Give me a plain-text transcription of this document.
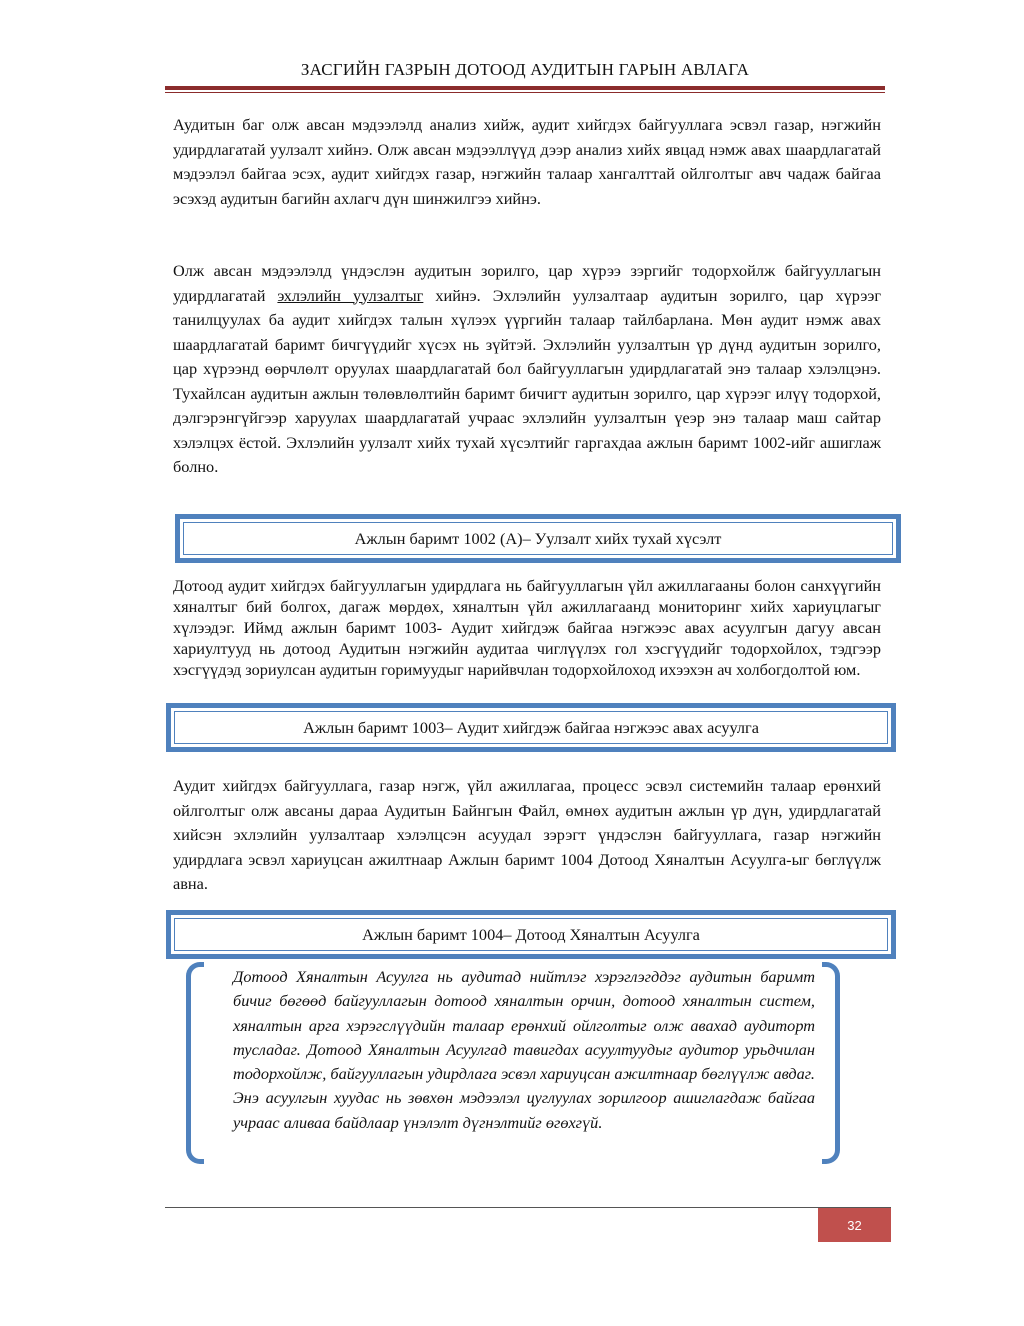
ЗАСГИЙН ГАЗРЫН ДОТООД АУДИТЫН ГАРЫН АВЛАГА

Аудитын баг олж авсан мэдээлэлд анализ хийж, аудит хийгдэх байгууллага эсвэл газар, нэгжийн удирдлагатай уулзалт хийнэ. Олж авсан мэдээллүүд дээр анализ хийх явцад нэмж авах шаардлагатай мэдээлэл байгаа эсэх, аудит хийгдэх газар, нэгжийн талаар хангалттай ойлголтыг авч чадаж байгаа эсэхэд аудитын багийн ахлагч дүн шинжилгээ хийнэ.

Олж авсан мэдээлэлд үндэслэн аудитын зорилго, цар хүрээ зэргийг тодорхойлж байгууллагын удирдлагатай эхлэлийн уулзалтыг хийнэ. Эхлэлийн уулзалтаар аудитын зорилго, цар хүрээг танилцуулах ба аудит хийгдэх талын хүлээх үүргийн талаар тайлбарлана. Мөн аудит нэмж авах шаардлагатай баримт бичгүүдийг хүсэх нь зүйтэй. Эхлэлийн уулзалтын үр дүнд аудитын зорилго, цар хүрээнд өөрчлөлт оруулах шаардлагатай бол байгууллагын удирдлагатай энэ талаар хэлэлцэнэ. Тухайлсан аудитын ажлын төлөвлөлтийн баримт бичигт аудитын зорилго, цар хүрээг илүү тодорхой, дэлгэрэнгүйгээр харуулах шаардлагатай учраас эхлэлийн уулзалтын үеэр энэ талаар маш сайтар хэлэлцэх ёстой. Эхлэлийн уулзалт хийх тухай хүсэлтийг гаргахдаа ажлын баримт 1002-ийг ашиглаж болно.

Ажлын баримт 1002 (А)– Уулзалт хийх тухай хүсэлт

Дотоод аудит хийгдэх байгууллагын удирдлага нь байгууллагын үйл ажиллагааны болон санхүүгийн хяналтыг бий болгох, дагаж мөрдөх, хяналтын үйл ажиллагаанд мониторинг хийх хариуцлагыг хүлээдэг. Иймд ажлын баримт 1003- Аудит хийгдэж байгаа нэгжээс авах асуулгын дагуу авсан хариултууд нь дотоод Аудитын нэгжийн аудитаа чиглүүлэх гол хэсгүүдийг тодорхойлох, тэдгээр хэсгүүдэд зориулсан аудитын горимуудыг нарийвчлан тодорхойлоход ихээхэн ач холбогдолтой юм.

Ажлын баримт 1003– Аудит хийгдэж байгаа нэгжээс авах асуулга

Аудит хийгдэх байгууллага, газар нэгж, үйл ажиллагаа, процесс эсвэл системийн талаар ерөнхий ойлголтыг олж авсаны дараа Аудитын Байнгын Файл, өмнөх аудитын ажлын үр дүн, удирдлагатай хийсэн эхлэлийн уулзалтаар хэлэлцсэн асуудал зэрэгт үндэслэн байгууллага, газар нэгжийн удирдлага эсвэл хариуцсан ажилтнаар Ажлын баримт 1004 Дотоод Хяналтын Асуулга-ыг бөглүүлж авна.

Ажлын баримт 1004– Дотоод Хяналтын Асуулга

Дотоод Хяналтын Асуулга нь аудитад нийтлэг хэрэглэгддэг аудитын баримт бичиг бөгөөд байгууллагын дотоод хяналтын орчин, дотоод хяналтын систем, хяналтын арга хэрэгслүүдийн талаар ерөнхий ойлголтыг олж авахад аудиторт тусладаг. Дотоод Хяналтын Асуулгад тавигдах асуултуудыг аудитор урьдчилан тодорхойлж, байгууллагын удирдлага эсвэл хариуцсан ажилтнаар бөглүүлж авдаг. Энэ асуулгын хуудас нь зөвхөн мэдээлэл цуглуулах зорилгоор ашиглагдаж байгаа учраас аливаа байдлаар үнэлэлт дүгнэлтийг өгөхгүй.

32
